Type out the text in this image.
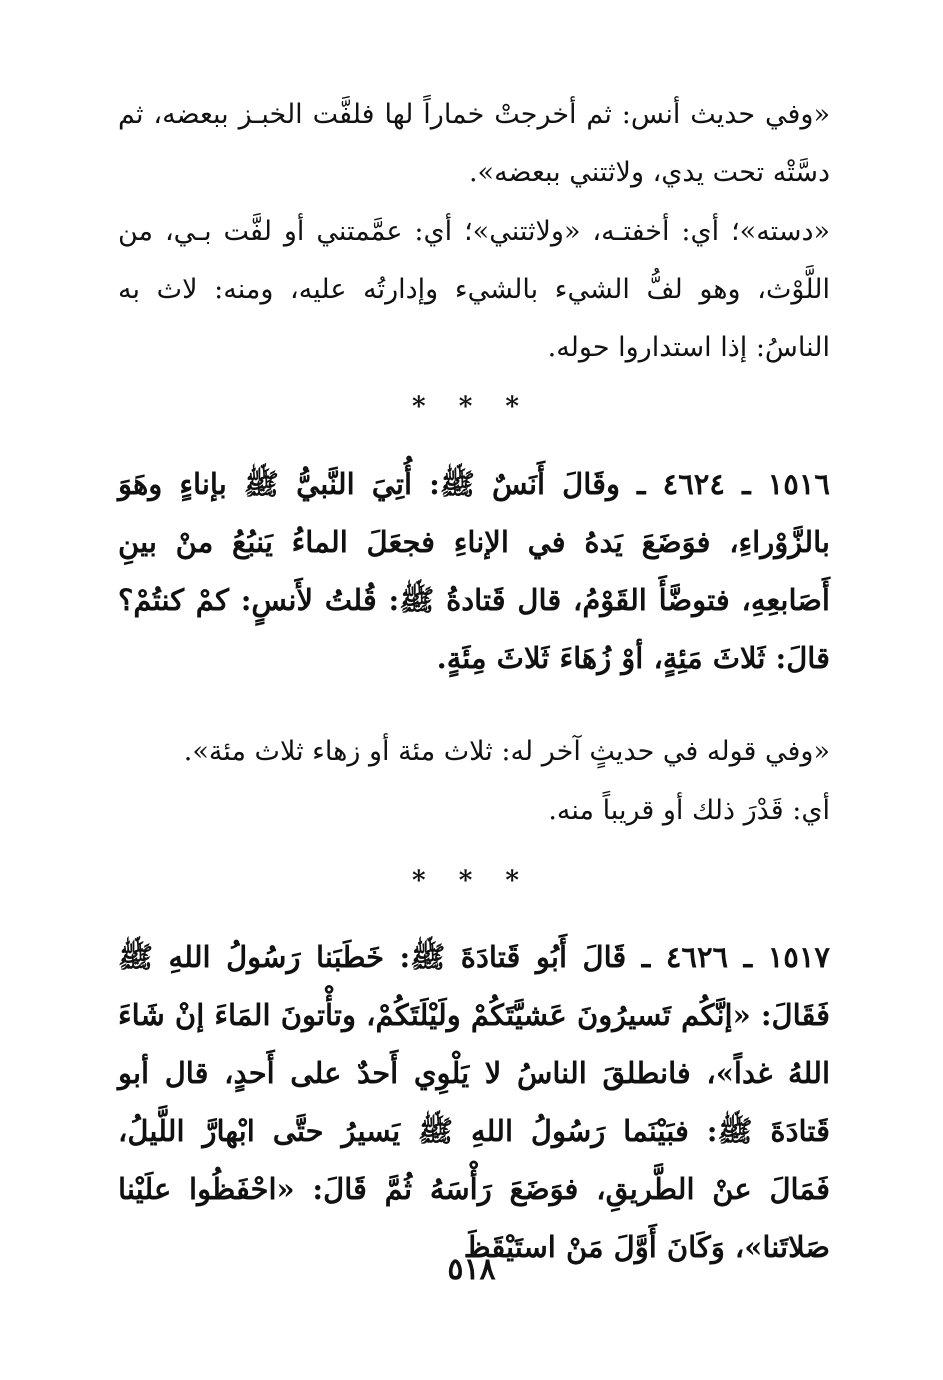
«وفي حديث أنس: ثم أخرجتْ خماراً لها فلفَّت الخبـز ببعضه، ثم دسَّتْه تحت يدي، ولاثتني ببعضه».

«دسته»؛ أي: أخفتـه، «ولاثتني»؛ أي: عمَّمتني أو لفَّت بـي، من اللَّوْث، وهو لفُّ الشيء بالشيء وإدارتُه عليه، ومنه: لاث به الناسُ: إذا استداروا حوله.

* * *

١٥١٦ ـ ٤٦٢٤ ـ وقَالَ أَنَسٌ ﷺ: أُتِيَ النَّبيُّ ﷺ بإناءٍ وهَوَ بالزَّوْراءِ، فوَضَعَ يَدهُ في الإناءِ فجعَلَ الماءُ يَنبُعُ منْ بينِ أَصَابعِهِ، فتوضَّأَ القَوْمُ، قال قَتادةُ ﷺ: قُلتُ لأَنسٍ: كمْ كنتُمْ؟ قالَ: ثَلاثَ مَئِةٍ، أوْ زُهَاءَ ثَلاثَ مِئَةٍ.

«وفي قوله في حديثٍ آخر له: ثلاث مئة أو زهاء ثلاث مئة».

أي: قَدْرَ ذلك أو قريباً منه.

* * *

١٥١٧ ـ ٤٦٢٦ ـ قَالَ أَبُو قَتادَةَ ﷺ: خَطَبَنا رَسُولُ اللهِ ﷺ فَقَالَ: «إنَّكُم تَسيرُونَ عَشيَّتَكُمْ ولَيْلَتَكُمْ، وتأْتونَ المَاءَ إنْ شَاءَ اللهُ غداً»، فانطلقَ الناسُ لا يَلْوِي أَحدٌ على أَحدٍ، قال أبو قَتادَةَ ﷺ: فبَيْنَما رَسُولُ اللهِ ﷺ يَسيرُ حتَّى ابْهارَّ اللَّيلُ، فَمَالَ عنْ الطَّريقِ، فوَضَعَ رَأْسَهُ ثُمَّ قَالَ: «احْفَظُوا علَيْنا صَلاتَنا»، وَكَانَ أَوَّلَ مَنْ استَيْقَظَ

٥١٨
